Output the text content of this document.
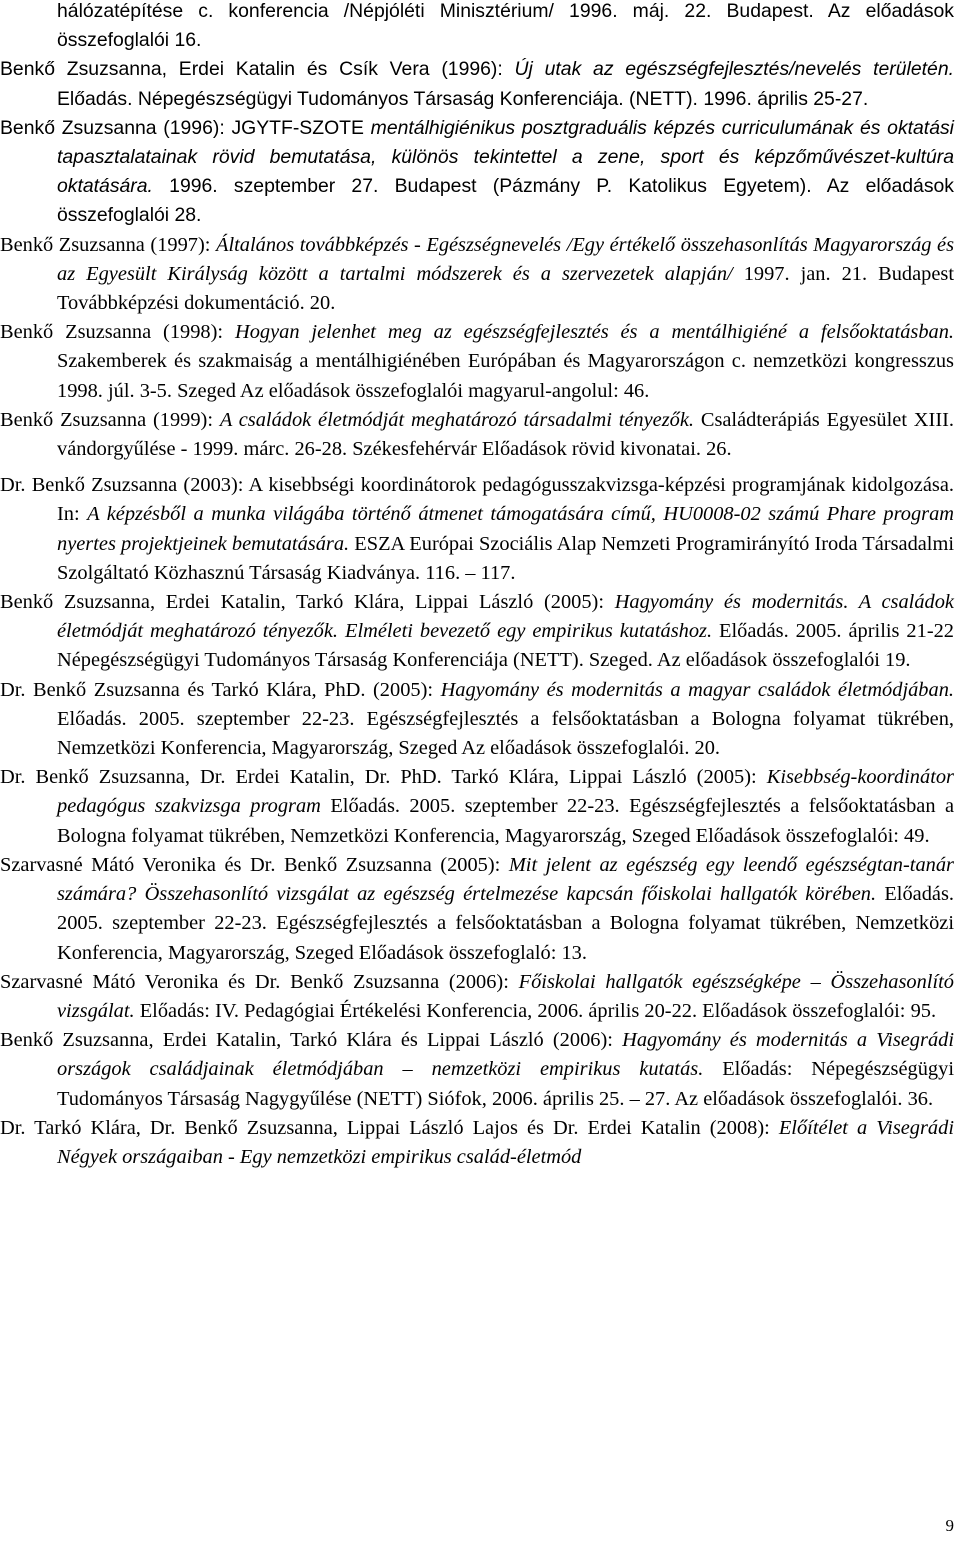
hálózatépítése c. konferencia /Népjóléti Minisztérium/ 1996. máj. 22. Budapest. Az előadások összefoglalói 16.

Benkő Zsuzsanna, Erdei Katalin és Csík Vera (1996): Új utak az egészségfejlesztés/nevelés területén. Előadás. Népegészségügyi Tudományos Társaság Konferenciája. (NETT). 1996. április 25-27.

Benkő Zsuzsanna (1996): JGYTF-SZOTE mentálhigiénikus posztgraduális képzés curriculumának és oktatási tapasztalatainak rövid bemutatása, különös tekintettel a zene, sport és képzőművészet-kultúra oktatására. 1996. szeptember 27. Budapest (Pázmány P. Katolikus Egyetem). Az előadások összefoglalói 28.

Benkő Zsuzsanna (1997): Általános továbbképzés - Egészségnevelés /Egy értékelő összehasonlítás Magyarország és az Egyesült Királyság között a tartalmi módszerek és a szervezetek alapján/ 1997. jan. 21. Budapest Továbbképzési dokumentáció. 20.

Benkő Zsuzsanna (1998): Hogyan jelenhet meg az egészségfejlesztés és a mentálhigiéné a felsőoktatásban. Szakemberek és szakmaiság a mentálhigiénében Európában és Magyarországon c. nemzetközi kongresszus 1998. júl. 3-5. Szeged Az előadások összefoglalói magyarul-angolul: 46.

Benkő Zsuzsanna (1999): A családok életmódját meghatározó társadalmi tényezők. Családterápiás Egyesület XIII. vándorgyűlése - 1999. márc. 26-28. Székesfehérvár Előadások rövid kivonatai. 26.

Dr. Benkő Zsuzsanna (2003): A kisebbségi koordinátorok pedagógusszakvizsga-képzési programjának kidolgozása. In: A képzésből a munka világába történő átmenet támogatására című, HU0008-02 számú Phare program nyertes projektjeinek bemutatására. ESZA Európai Szociális Alap Nemzeti Programirányító Iroda Társadalmi Szolgáltató Közhasznú Társaság Kiadványa. 116. – 117.

Benkő Zsuzsanna, Erdei Katalin, Tarkó Klára, Lippai László (2005): Hagyomány és modernitás. A családok életmódját meghatározó tényezők. Elméleti bevezető egy empirikus kutatáshoz. Előadás. 2005. április 21-22 Népegészségügyi Tudományos Társaság Konferenciája (NETT). Szeged. Az előadások összefoglalói 19.

Dr. Benkő Zsuzsanna és Tarkó Klára, PhD. (2005): Hagyomány és modernitás a magyar családok életmódjában. Előadás. 2005. szeptember 22-23. Egészségfejlesztés a felsőoktatásban a Bologna folyamat tükrében, Nemzetközi Konferencia, Magyarország, Szeged Az előadások összefoglalói. 20.

Dr. Benkő Zsuzsanna, Dr. Erdei Katalin, Dr. PhD. Tarkó Klára, Lippai László (2005): Kisebbség-koordinátor pedagógus szakvizsga program Előadás. 2005. szeptember 22-23. Egészségfejlesztés a felsőoktatásban a Bologna folyamat tükrében, Nemzetközi Konferencia, Magyarország, Szeged Előadások összefoglalói: 49.

Szarvasné Mátó Veronika és Dr. Benkő Zsuzsanna (2005): Mit jelent az egészség egy leendő egészségtan-tanár számára? Összehasonlító vizsgálat az egészség értelmezése kapcsán főiskolai hallgatók körében. Előadás. 2005. szeptember 22-23. Egészségfejlesztés a felsőoktatásban a Bologna folyamat tükrében, Nemzetközi Konferencia, Magyarország, Szeged Előadások összefoglaló: 13.

Szarvasné Mátó Veronika és Dr. Benkő Zsuzsanna (2006): Főiskolai hallgatók egészségképe – Összehasonlító vizsgálat. Előadás: IV. Pedagógiai Értékelési Konferencia, 2006. április 20-22. Előadások összefoglalói: 95.

Benkő Zsuzsanna, Erdei Katalin, Tarkó Klára és Lippai László (2006): Hagyomány és modernitás a Visegrádi országok családjainak életmódjában – nemzetközi empirikus kutatás. Előadás: Népegészségügyi Tudományos Társaság Nagygyűlése (NETT) Siófok, 2006. április 25. – 27. Az előadások összefoglalói. 36.

Dr. Tarkó Klára, Dr. Benkő Zsuzsanna, Lippai László Lajos és Dr. Erdei Katalin (2008): Előítélet a Visegrádi Négyek országaiban - Egy nemzetközi empirikus család-életmód

9
